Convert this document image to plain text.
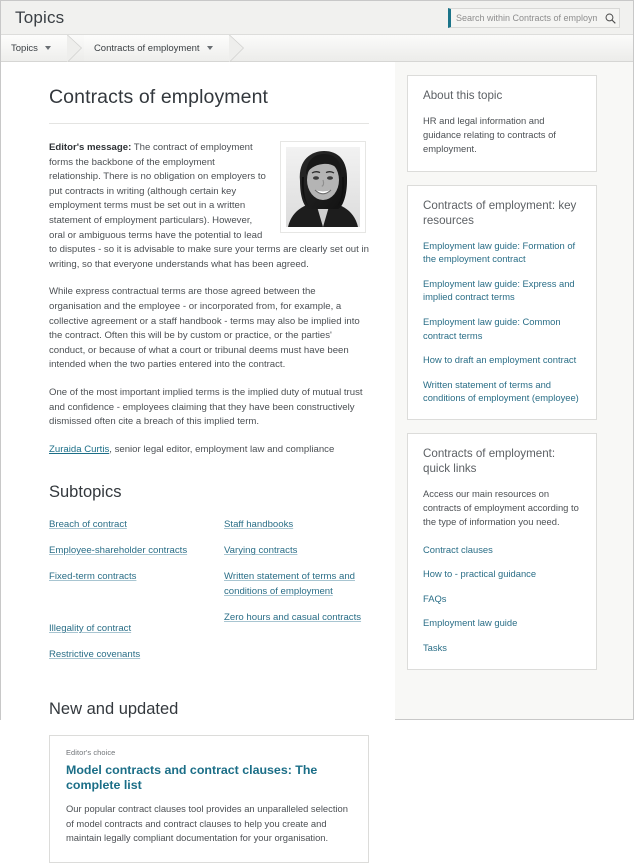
Topics
Search within Contracts of employment
Topics	Contracts of employment
Contracts of employment

Editor's message: The contract of employment forms the backbone of the employment relationship. There is no obligation on employers to put contracts in writing (although certain key employment terms must be set out in a written statement of employment particulars). However, oral or ambiguous terms have the potential to lead to disputes - so it is advisable to make sure your terms are clearly set out in writing, so that everyone understands what has been agreed.

While express contractual terms are those agreed between the organisation and the employee - or incorporated from, for example, a collective agreement or a staff handbook - terms may also be implied into the contract. Often this will be by custom or practice, or the parties' conduct, or because of what a court or tribunal deems must have been intended when the two parties entered into the contract.

One of the most important implied terms is the implied duty of mutual trust and confidence - employees claiming that they have been constructively dismissed often cite a breach of this implied term.

Zuraida Curtis, senior legal editor, employment law and compliance

Subtopics
Breach of contract
Employee-shareholder contracts
Fixed-term contracts
Illegality of contract
Restrictive covenants
Staff handbooks
Varying contracts
Written statement of terms and conditions of employment
Zero hours and casual contracts
New and updated

Editor's choice

Model contracts and contract clauses: The complete list

Our popular contract clauses tool provides an unparalleled selection of model contracts and contract clauses to help you create and maintain legally compliant documentation for your organisation.

About this topic

HR and legal information and guidance relating to contracts of employment.

Contracts of employment: key resources
Employment law guide: Formation of the employment contract
Employment law guide: Express and implied contract terms
Employment law guide: Common contract terms
How to draft an employment contract
Written statement of terms and conditions of employment (employee)
Contracts of employment: quick links

Access our main resources on contracts of employment according to the type of information you need.

Contract clauses
How to - practical guidance
FAQs
Employment law guide
Tasks
